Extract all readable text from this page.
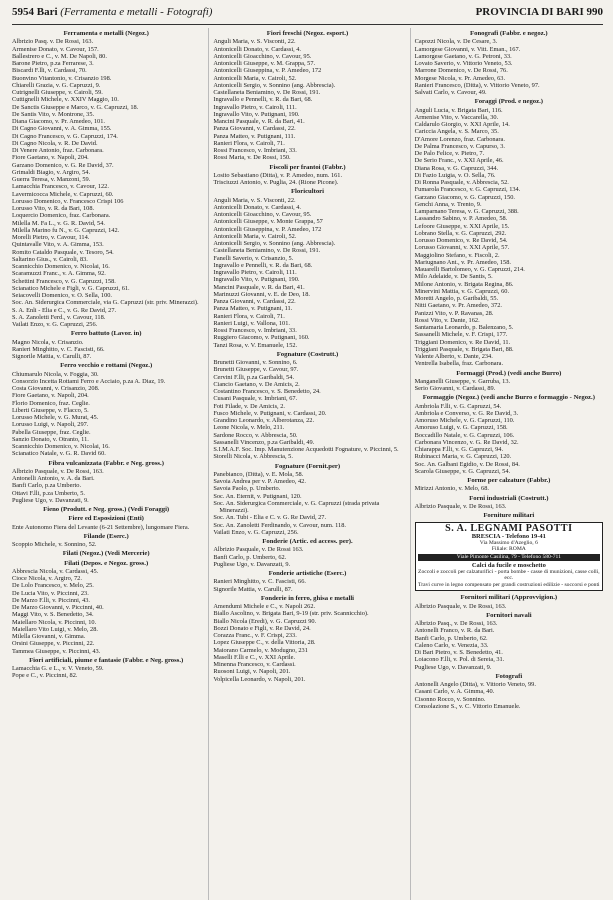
5954 Bari (Ferramenta e metalli - Fotografi)	PROVINCIA DI BARI 990
Ferramenta e metalli (Negoz.)
Albrizio Pasq. v. De Rossi, 163.
Armenise Donato, v. Cavour, 157.
Ballestrero e C., v. M. De Napoli, 80.
Barone Pietro, p.za Ferrarese, 3.
Biscardi F.lli, v. Cardassi, 70.
Buonvino Vitantonio, v. Crisanzio 198.
Chiarelli Grazia, v. G. Capruzzi, 9.
Cutrignelli Giuseppe, v. Cairoli, 59.
Cuttignelli Michele, v. XXIV Maggio, 10.
De Sanctis Giuseppe e Marco, v. G. Capruzzi, 18.
De Santis Vito, v. Montrone, 35.
Diana Giacomo, v. Pr. Amedeo, 101.
Di Cagno Giovanni, v. A. Gimma, 155.
Di Cagno Francesco, v. G. Capruzzi, 174.
Di Cagno Nicola, v. R. De David.
Di Venere Antonio, fraz. Carbonara.
Fiore Gaetano, v. Napoli, 204.
Garzano Domenico, v. G. Re David, 37.
Grimaldi Biagio, v. Argiro, 54.
Guerra Teresa, v. Manzoni, 59.
Lamacchia Francesco, v. Cavour, 122.
Lavermicocca Michele, v. Capruzzi, 60.
Lorusso Domenico, v. Francesco Crispi 106
Lorusso Vito, v. R. da Bari, 108.
Loquercio Domenico, fraz. Carbonara.
Milella M. Fa L., v. G. R. David, 54.
Milella Marino fu N., v. G. Capruzzi, 142.
Morelli Pietro, v. Cavour, 114.
Quintavalle Vito, v. A. Gimma, 153.
Romito Cataldo Pasquale, v. Tesoro, 54.
Saltarino Gius., v. Cairoli, 83.
Scannicchio Domenico, v. Nicolai, 16.
Scaramuzzi Franc., v. A. Gimma, 92.
Schettini Francesco, v. G. Capruzzi, 158.
Scianatico Michele e Figli, v. G. Capruzzi, 61.
Seiacovelli Domenico, v. O. Sella, 100.
Soc. An. Siderurgica Commerciale, via G. Capruzzi (str. priv. Minerazzi).
S. A. Enli - Elia e C., v. G. Re David, 27.
S. A. Zanoletti Ferd., v. Cavour, 118.
Vailati Enzo, v. G. Capruzzi, 256.
Ferro battuto (Lavor. in)
Magno Nicola, v. Crisanzio.
Ranieri Minghitto, v. C. Fascisti, 66.
Signorile Mattia, v. Carulli, 87.
Ferro vecchio e rottami (Negoz.)
Chiumarulo Nicola, v. Foggia, 30.
Consorzio Incetta Rottami Ferro e Acciaio, p.za A. Diaz, 19.
Costa Giovanni, v. Crisanzio, 208.
Fiore Gaetano, v. Napoli, 204.
Florio Domenico, fraz. Ceglie.
Liberti Giuseppe, v. Flacco, 5.
Lorusso Michele, v. G. Murat, 45.
Lorusso Luigi, v. Napoli, 297.
Pabella Giuseppe, fraz. Ceglie.
Sanzio Donato, v. Otranto, 11.
Scannicchio Domenico, v. Nicolai, 16.
Scianatico Natale, v. G. R. David 60.
Fibra vulcanizzata (Fabbr. e Neg. gross.)
Albrizio Pasquale, v. De Rossi, 163.
Antonelli Antonio, v. A. da Bari.
Banfi Carlo, p.za Umberto.
Ottavi F.lli, p.za Umberto, 5.
Pugliese Ugo, v. Davanzati, 9.
Fieno (Produtt. e Neg. gross.) (Vedi Foraggi)
Fiere ed Esposizioni (Enti)
Ente Autonomo Fiera del Levante (6-21 Settembre), lungomare Fiera.
Filande (Eserc.)
Scoppio Michele, v. Sonnino, 52.
Filati (Negoz.) (Vedi Mercerie)
Filati (Depos. e Negoz. gross.)
Abbrescia Nicola, v. Cardassi, 45.
Cioce Nicola, v. Argiro, 72.
De Lolo Francesco, v. Melo, 25.
De Lucia Vito, v. Piccinni, 23.
De Marzo F.lli, v. Piccinni, 43.
De Marzo Giovanni, v. Piccinni, 40.
Maggi Vito, v. S. Benedetto, 34.
Maiellaro Nicola, v. Piccinni, 10.
Maiellaro Vito Luigi, v. Melo, 28.
Milella Giovanni, v. Gimma.
Orsini Giuseppe, v. Piccinni, 22.
Tammea Giuseppe, v. Piccinni, 43.
Fiori artificiali, piume e fantasie (Fabbr. e Neg. gross.)
Lamacchia G. e L., v. V. Veneto, 59.
Pope e C., v. Piccinni, 82.
Fiori freschi (Negoz. esport.)
Anguli Maria, v. S. Visconti, 22.
Antonicelli Donato, v. Cardassi, 4.
Antonicelli Gioacchino, v. Cavour, 95.
Antonicelli Giuseppe, v. M. Grappa, 57.
Antonicelli Giuseppina, v. P. Amedeo, 172
Antonicelli Maria, v. Cairoli, 52.
Antonicelli Sergio, v. Sonnino (ang. Abbrescia).
Castellaneta Beniamino, v. De Rossi, 191.
Ingravallo e Pennelli, v. R. da Bari, 68.
Ingravallo Pietro, v. Cairoli, 111.
Ingravallo Vito, v. Putignani, 190.
Mancini Pasquale, v. R. da Bari, 41.
Panza Giovanni, v. Cardassi, 22.
Panza Matteo, v. Putignani, 111.
Ranieri Flora, v. Cairoli, 71.
Rossi Francesco, v. Imbriani, 33.
Rossi Maria, v. De Rossi, 150.
Fiscoli per frantoi (Fabbr.)
Losito Sebastiano (Ditta), v. P. Amedeo, num. 161.
Trisciuzzi Antonio, v. Puglia, 24. (Rione Picone).
Floricultori
Anguli Maria, v. S. Visconti, 22.
Antonicelli Donato, v. Cardassi, 4.
Antonicelli Gioacchino, v. Cavour, 95.
Antonicelli Giuseppe, v. Monte Grappa, 57
Antonicelli Giuseppina, v. P. Amedeo, 172
Antonicelli Maria, v. Cairoli, 52.
Antonicelli Sergio, v. Sonnino (ang. Abbrescia).
Castellaneta Beniamino, v. De Rossi, 191.
Fanelli Saverio, v. Crisanzio, 5.
Ingravallo e Pennelli, v. R. da Bari, 68.
Ingravallo Pietro, v. Cairoli, 111.
Ingravallo Vito, v. Putignani, 190.
Mancini Pasquale, v. R. da Bari, 41.
Marinuzzi Giovanni, v. E. de Deo, 18.
Panza Giovanni, v. Cardassi, 22.
Panza Matteo, v. Putignani, 11.
Ranieri Flora, v. Cairoli, 71.
Ranieri Luigi, v. Vallona, 101.
Rossi Francesco, v. Imbriani, 33.
Ruggiero Giacomo, v. Putignani, 160.
Tanzi Rosa, v. V. Emanuele, 152.
Fognature (Costrutt.)
Brunetti Giovanni, v. Sonnino, 6.
Brunetti Giuseppe, v. Cavour, 97.
Cervini F.lli, p.za Garibaldi, 54.
Ciancio Gaetano, v. De Amicis, 2.
Costantino Francesco, v. S. Benedetto, 24.
Cusani Pasquale, v. Imbriani, 67.
Foti Filade, v. De Amicis, 2.
Fusco Michele, v. Putignani, v. Cardassi, 20.
Grandino Leonardo, v. Alberotanza, 22.
Leone Nicola, v. Melo, 211.
Sardone Rocco, v. Abbrescia, 50.
Sassanelli Vincenzo, p.za Garibaldi, 49.
S.I.M.A.F. Soc. Imp. Manutenzione Acquedotti Fognature, v. Piccinni, 5.
Storelli Nicola, v. Abbrescia, 5.
Fognature (Fornit.per)
Panebianco, (Ditta), v. E. Mola, 58.
Savoia Andrea per v. P. Amedeo, 42.
Savoia Paolo, p. Umberto.
Soc. An. Eternit, v. Putignani, 120.
Soc. An. Siderurgica Commerciale, v. G. Capruzzi (strada privata Minerazzi).
Soc. An. Tubi - Elia e C. v. G. Re David, 27.
Soc. An. Zanoletti Ferdinando, v. Cavour, num. 118.
Vailati Enzo, v. G. Capruzzi, 256.
Fonderie (Artic. ed access. per).
Albrizio Pasquale, v. De Rossi 163.
Banfi Carlo, p. Umberto, 62.
Pugliese Ugo, v. Davanzati, 9.
Fonderie artistiche (Eserc.)
Ranieri Minghitto, v. C. Fascisti, 66.
Signorile Mattia, v. Carulli, 87.
Fonderie in ferro, ghisa e metalli
Amendumi Michele e C., v. Napoli 262.
Biallo Ascolino, v. Brigata Bari, 9-19 (str. priv. Scannicchio).
Biallo Nicola (Eredi), v. G. Capruzzi 90.
Bozzi Donato e Figli, v. Re David, 24.
Corazza Franc., v. F. Crispi, 233.
Lopez Giuseppe C., v. della Vittoria, 28.
Maiorano Carmelo, v. Modugno, 231
Maselli F.lli e C., v. XXI Aprile.
Minenna Francesco, v. Cardassi.
Ruosoni Luigi, v. Napoli, 201.
Volpicella Leonardo, v. Napoli, 201.
Fonografi (Fabbr. e negoz.)
Capozzi Nicola, v. De Cesare, 3.
Lamorgese Giovanni, v. Vitt. Eman., 167.
Lamorgese Gaetano, v. G. Petroni, 33.
Lovato Saverio, v. Vittorio Veneto, 53.
Marrone Domenico, v. De Rossi, 76.
Morgese Nicola, v. Pr. Amedeo, 63.
Ranieri Francesco, (Ditta), v. Vittorio Veneto, 97.
Salvati Carlo, v. Cavour, 49.
Foraggi (Prod. e negoz.)
Anguli Lucia, v. Brigata Bari, 116.
Armenise Vito, v. Vaccarella, 30.
Caldarulo Giorgio, v. XXI Aprile, 14.
Cariccia Angela, v. S. Marco, 35.
D'Amore Lorenzo, fraz. Carbonara.
De Palma Francesco, v. Capurso, 3.
De Palo Felice, v. Pietro, 7.
De Serio Franc., v. XXI Aprile, 46.
Diana Rosa, v. G. Capruzzi, 344.
Di Fazio Luigia, v. O. Sella, 76.
Di Ronna Pasquale, v. Abbrescia, 52.
Fumarola Francesco, v. G. Capruzzi, 134.
Garzano Giacomo, v. G. Capruzzi, 150.
Genchi Anna, v. Trento, 9.
Lamparnano Teresa, v. G. Capruzzi, 388.
Lassandro Sabino, v. P. Amedeo, 58.
Lefoore Giuseppe, v. XXI Aprile, 15.
Lobrano Stella, v. G. Capruzzi, 292.
Lorusso Domenico, v. Re David, 54.
Lorusso Giovanni, v. XXI Aprile, 57.
Maggiolino Stefano, v. Fiscoli, 2.
Mariugnano Ant., v. Pr. Amedeo, 158.
Mauarelli Bartolomeo, v. G. Capruzzi, 214.
Milo Adelaide, v. De Santis, 5.
Milone Antonio, v. Brigata Regina, 86.
Minervini Mattia, v. G. Capruzzi, 60.
Moretti Angelo, p. Garibaldi, 55.
Nitti Gaetano, v. Pr. Amedeo, 372.
Panizzi Vito, v. P. Ravanas, 28.
Rossi Vito, v. Dante, 162.
Santamaria Leonardo, p. Balenzano, 5.
Sassanelli Michele, v. F. Crispi, 177.
Triggiani Domenico, v. Re David, 11.
Triggiani Pasquale, v. Brigata Bari, 88.
Valente Alberto, v. Dante, 234.
Ventrella Isabella, fraz. Carbonara.
Formaggi (Prod.) (vedi anche Burro)
Manganelli Giuseppe, v. Garruba, 13.
Serio Giovanni, v. Cardassi, 89.
Formaggio (Negoz.) (vedi anche Burro e formaggio - Negoz.)
Ambriola F.lli, v. G. Capruzzi, 54.
Ambriola e Converso, v. G. Re David, 3.
Amoruso Michele, v. G. Capruzzi, 110.
Amoruso Luigi, v. G. Capruzzi, 158.
Boccadillo Natale, v. G. Capruzzi, 106.
Carbonara Vincenzo, v. G. Re David, 32.
Chiarappa F.lli, v. G. Capruzzi, 94.
Rubinacci Maria, v. G. Capruzzi, 120.
Soc. An. Galbani Egidio, v. De Rossi, 84.
Scarola Giuseppe, v. G. Capruzzi, 54.
Forme per calzature (Fabbr.)
Mirizzi Antonio, v. Melo, 68.
Forni industriali (Costrutt.)
Albrizio Pasquale, v. De Rossi, 163.
Forniture militari
S. A. LEGNAMI PASOTTI
BRESCIA - Telefono 19-41
Via Massimo d'Azeglio, 6
Filiale: ROMA
Viale Pimonte Casilina, 79 - Telefono 580-711
Calci da fucile e moschetto
Zoccoli e zoccoli per calzaturifici - porta bombe - casse di munizioni, casse colli, ecc.
Travi curve in legno compensato per grandi costruzioni edilizie - soccorsi e ponti
Fornitori militari (Approvvigion.)
Albrizio Pasquale, v. De Rossi, 163.
Fornitori navali
Albrizio Pasq., v. De Rossi, 163.
Antonelli Franco, v. R. da Bari.
Banfi Carlo, p. Umberto, 62.
Caleno Carlo, v. Venezia, 33.
Di Bari Pietro, v. S. Benedetto, 41.
Loiacono F.lli, v. Pol. di Sereia, 31.
Pugliese Ugo, v. Davanzati, 9.
Fotografi
Antonelli Angelo (Ditta), v. Vittorio Veneto, 99.
Casani Carlo, v. A. Gimma, 40.
Cisonno Rocco, v. Sonnino.
Consolazione S., v. C. Vittorio Emanuele.
